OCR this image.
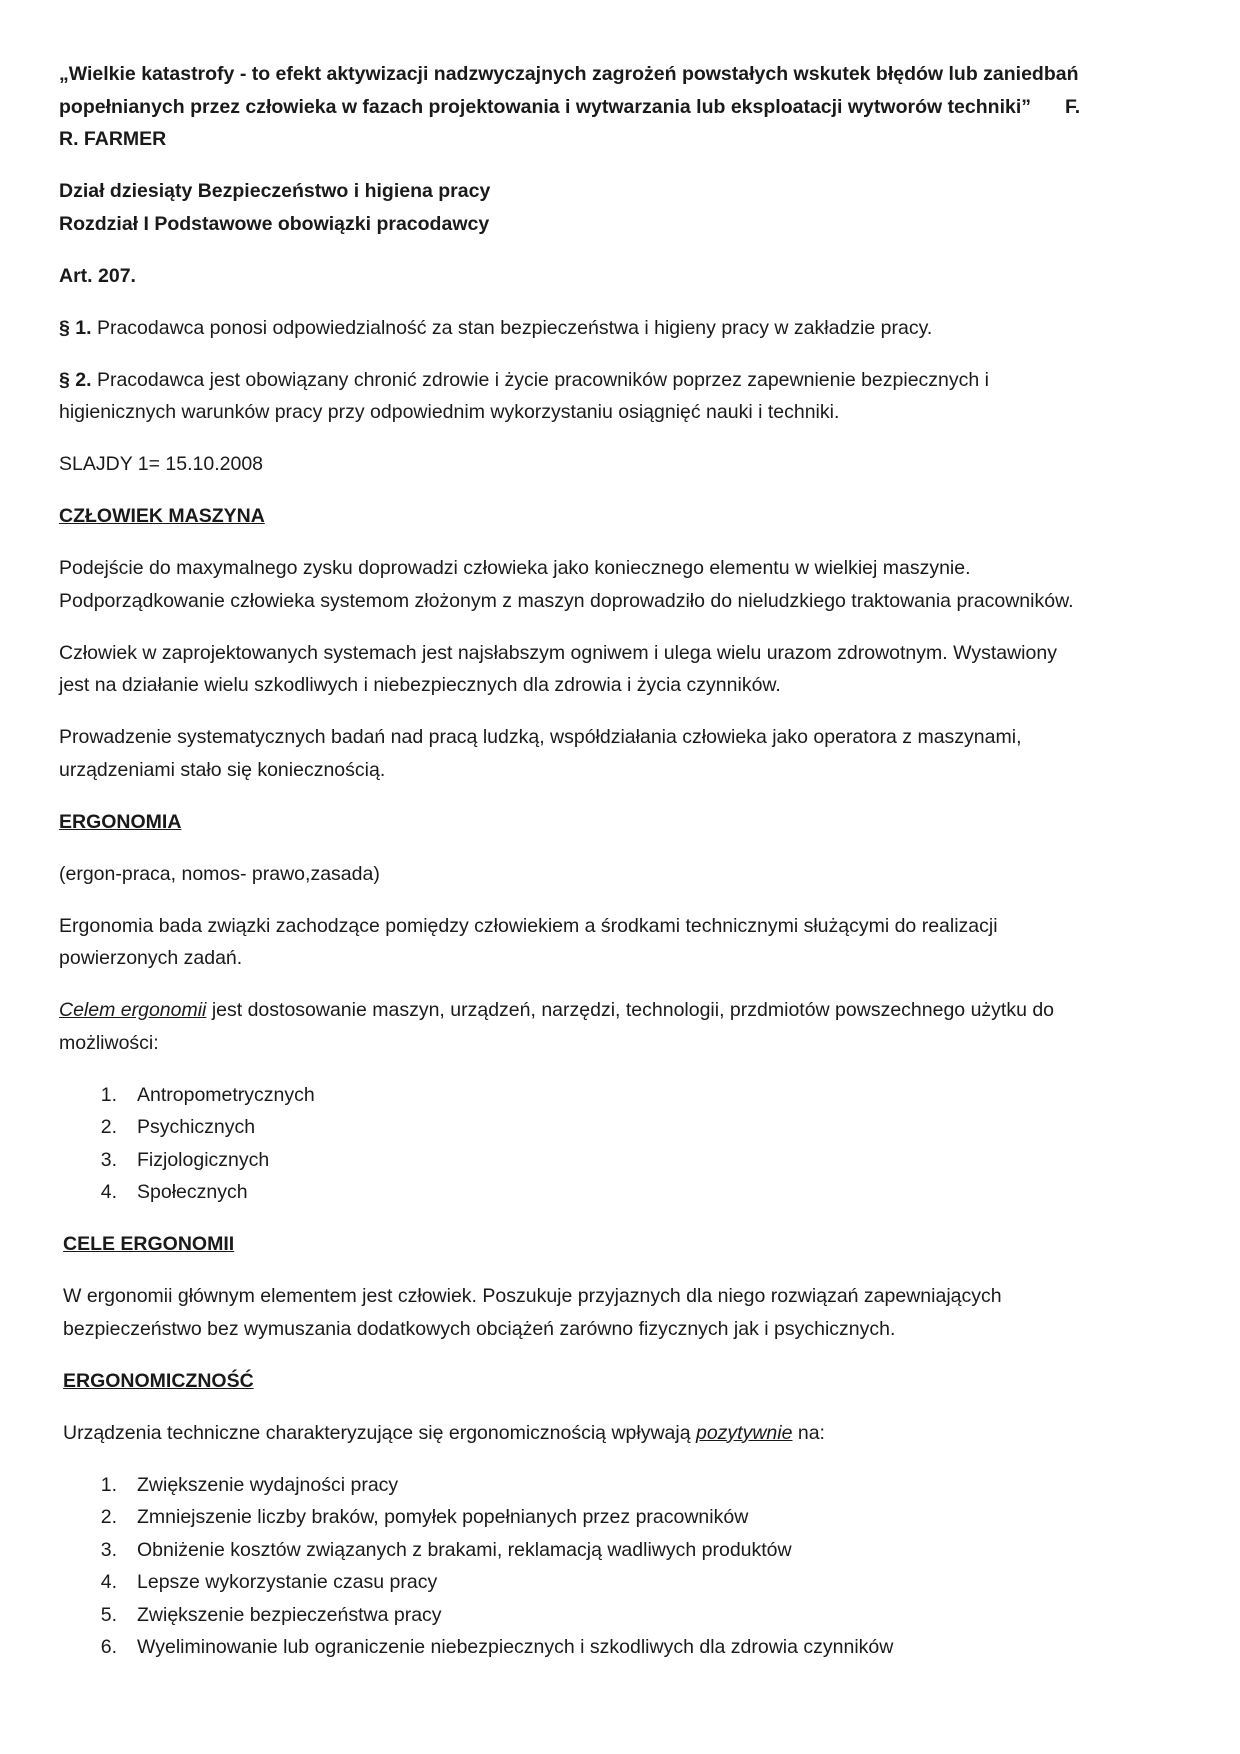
„Wielkie katastrofy - to efekt aktywizacji nadzwyczajnych zagrożeń powstałych wskutek błędów lub zaniedbań popełnianych przez człowieka w fazach projektowania i wytwarzania lub eksploatacji wytworów techniki” F. R. FARMER

Dział dziesiąty Bezpieczeństwo i higiena pracy
Rozdział I Podstawowe obowiązki pracodawcy

Art. 207.

§ 1. Pracodawca ponosi odpowiedzialność za stan bezpieczeństwa i higieny pracy w zakładzie pracy.

§ 2. Pracodawca jest obowiązany chronić zdrowie i życie pracowników poprzez zapewnienie bezpiecznych i higienicznych warunków pracy przy odpowiednim wykorzystaniu osiągnięć nauki i techniki.

SLAJDY 1= 15.10.2008

CZŁOWIEK MASZYNA

Podejście do maxymalnego zysku doprowadzi człowieka jako koniecznego elementu w wielkiej maszynie. Podporządkowanie człowieka systemom złożonym z maszyn doprowadziło do nieludzkiego traktowania pracowników.

Człowiek w zaprojektowanych systemach jest najsłabszym ogniwem i ulega wielu urazom zdrowotnym. Wystawiony jest na działanie wielu szkodliwych i niebezpiecznych dla zdrowia i życia czynników.

Prowadzenie systematycznych badań nad pracą ludzką, współdziałania człowieka jako operatora z maszynami, urządzeniami stało się koniecznością.

ERGONOMIA

(ergon-praca, nomos- prawo,zasada)

Ergonomia bada związki zachodzące pomiędzy człowiekiem a środkami technicznymi służącymi do realizacji powierzonych zadań.

Celem ergonomii jest dostosowanie maszyn, urządzeń, narzędzi, technologii, przdmiotów powszechnego użytku do możliwości:

1.	Antropometrycznych
2.	Psychicznych
3.	Fizjologicznych
4.	Społecznych

CELE ERGONOMII

W ergonomii głównym elementem jest człowiek. Poszukuje przyjaznych dla niego rozwiązań zapewniających bezpieczeństwo bez wymuszania dodatkowych obciążeń zarówno fizycznych jak i psychicznych.

ERGONOMICZNOŚĆ

Urządzenia techniczne charakteryzujące się ergonomicznością wpływają pozytywnie na:

1.	Zwiększenie wydajności pracy
2.	Zmniejszenie liczby braków, pomyłek popełnianych przez pracowników
3.	Obniżenie kosztów związanych z brakami, reklamacją wadliwych produktów
4.	Lepsze wykorzystanie czasu pracy
5.	Zwiększenie bezpieczeństwa pracy
6.	Wyeliminowanie lub ograniczenie niebezpiecznych i szkodliwych dla zdrowia czynników
